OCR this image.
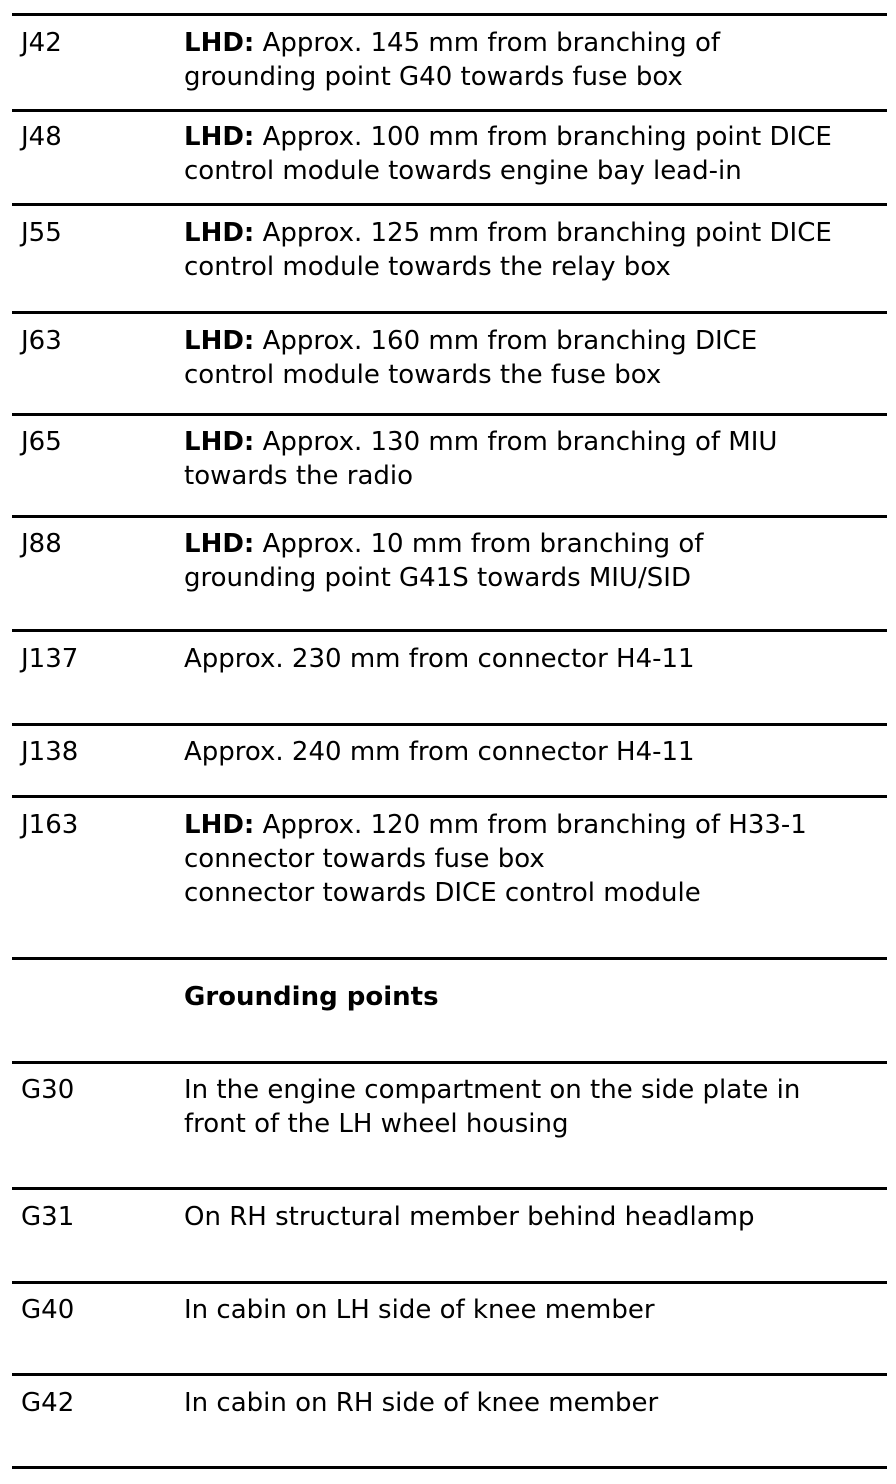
J42	LHD: Approx. 145 mm from branching of
grounding point G40 towards fuse box
J48	LHD: Approx. 100 mm from branching point DICE
control module towards engine bay lead-in
J55	LHD: Approx. 125 mm from branching point DICE
control module towards the relay box
J63	LHD: Approx. 160 mm from branching DICE
control module towards the fuse box
J65	LHD: Approx. 130 mm from branching of MIU
towards the radio
J88	LHD: Approx. 10 mm from branching of
grounding point G41S towards MIU/SID
J137	Approx. 230 mm from connector H4-11
J138	Approx. 240 mm from connector H4-11
J163	LHD: Approx. 120 mm from branching of H33-1
connector towards fuse box
connector towards DICE control module
Grounding points
G30	In the engine compartment on the side plate in
front of the LH wheel housing
G31	On RH structural member behind headlamp
G40	In cabin on LH side of knee member
G42	In cabin on RH side of knee member
